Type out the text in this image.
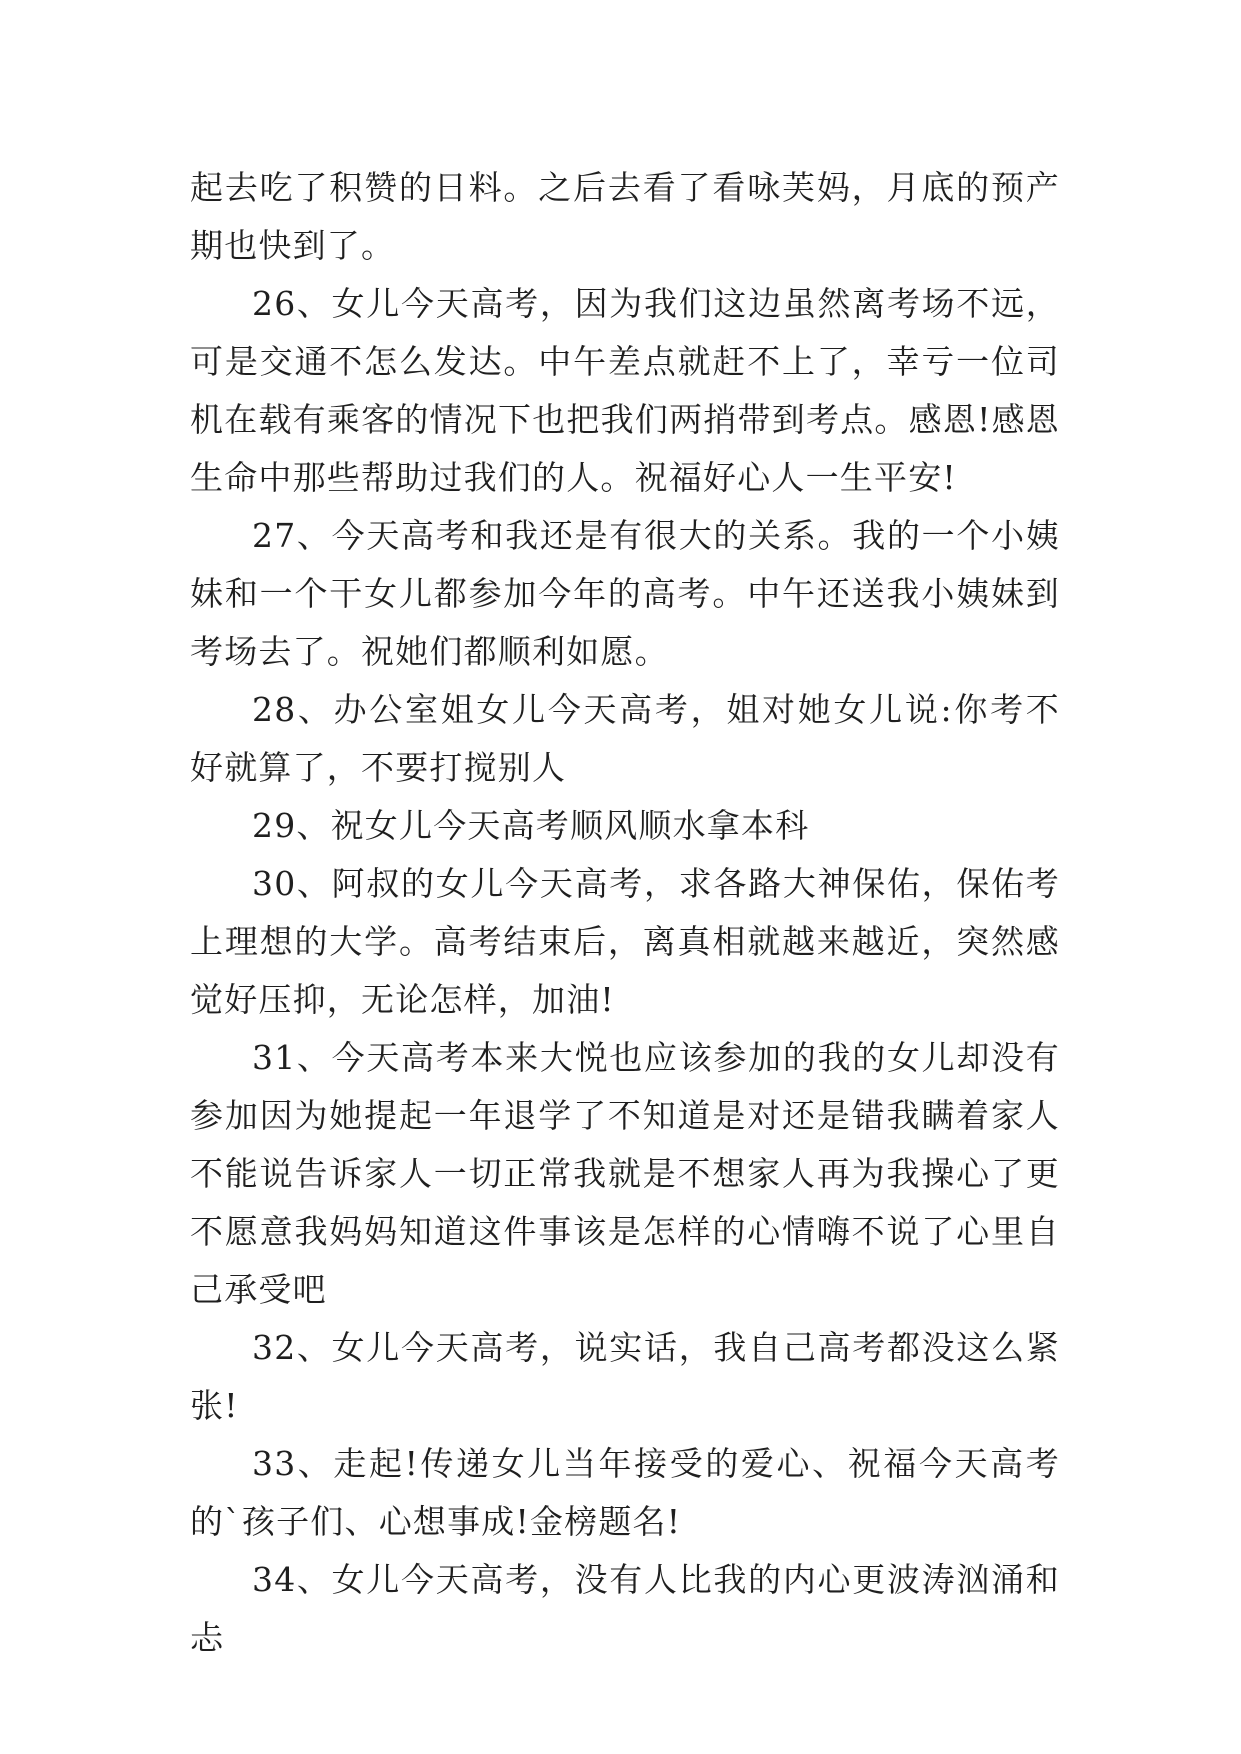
起去吃了积赞的日料。之后去看了看咏芙妈，月底的预产期也快到了。

26、女儿今天高考，因为我们这边虽然离考场不远，可是交通不怎么发达。中午差点就赶不上了，幸亏一位司机在载有乘客的情况下也把我们两捎带到考点。感恩!感恩生命中那些帮助过我们的人。祝福好心人一生平安!

27、今天高考和我还是有很大的关系。我的一个小姨妹和一个干女儿都参加今年的高考。中午还送我小姨妹到考场去了。祝她们都顺利如愿。

28、办公室姐女儿今天高考，姐对她女儿说:你考不好就算了，不要打搅别人

29、祝女儿今天高考顺风顺水拿本科

30、阿叔的女儿今天高考，求各路大神保佑，保佑考上理想的大学。高考结束后，离真相就越来越近，突然感觉好压抑，无论怎样，加油!

31、今天高考本来大悦也应该参加的我的女儿却没有参加因为她提起一年退学了不知道是对还是错我瞒着家人不能说告诉家人一切正常我就是不想家人再为我操心了更不愿意我妈妈知道这件事该是怎样的心情嗨不说了心里自己承受吧

32、女儿今天高考，说实话，我自己高考都没这么紧张!

33、走起!传递女儿当年接受的爱心、祝福今天高考的`孩子们、心想事成!金榜题名!

34、女儿今天高考，没有人比我的内心更波涛汹涌和忐
